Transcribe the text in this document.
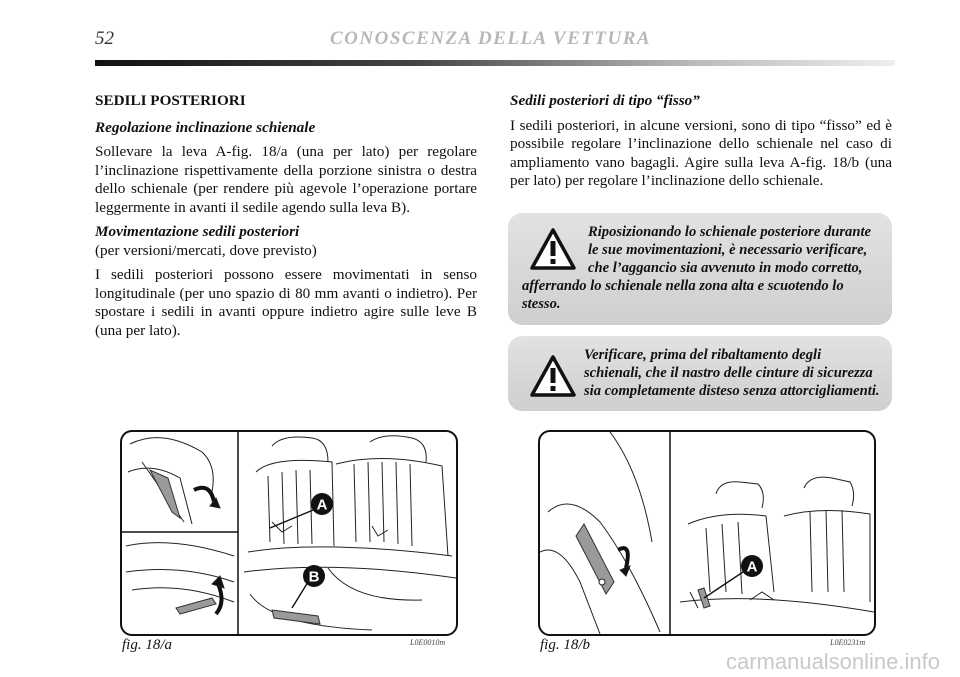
52	CONOSCENZA DELLA VETTURA

SEDILI POSTERIORI

Regolazione inclinazione schienale

Sollevare la leva A-fig. 18/a (una per lato) per regolare l’inclinazione rispettivamente della porzione sinistra o destra dello schienale (per rendere più agevole l’operazione portare leggermente in avanti il sedile agendo sulla leva B).

Movimentazione sedili posteriori

(per versioni/mercati, dove previsto)

I sedili posteriori possono essere movimentati in senso longitudinale (per uno spazio di 80 mm avanti o indietro). Per spostare i sedili in avanti oppure indietro agire sulle leve B (una per lato).

Sedili posteriori di tipo “fisso”

I sedili posteriori, in alcune versioni, sono di tipo “fisso” ed è possibile regolare l’inclinazione dello schienale nel caso di ampliamento vano bagagli. Agire sulla leva A-fig. 18/b (una per lato) per regolare l’inclinazione dello schienale.

Riposizionando lo schienale posteriore durante le sue movimentazioni, è necessario verificare, che l’aggancio sia avvenuto in modo corretto, afferrando lo schienale nella zona alta e scuotendo lo stesso.
Verificare, prima del ribaltamento degli schienali, che il nastro delle cinture di sicurezza sia completamente disteso senza attorcigliamenti.
A
B
fig. 18/a	L0E0010m
A
fig. 18/b	L0E0231m
carmanualsonline.info
